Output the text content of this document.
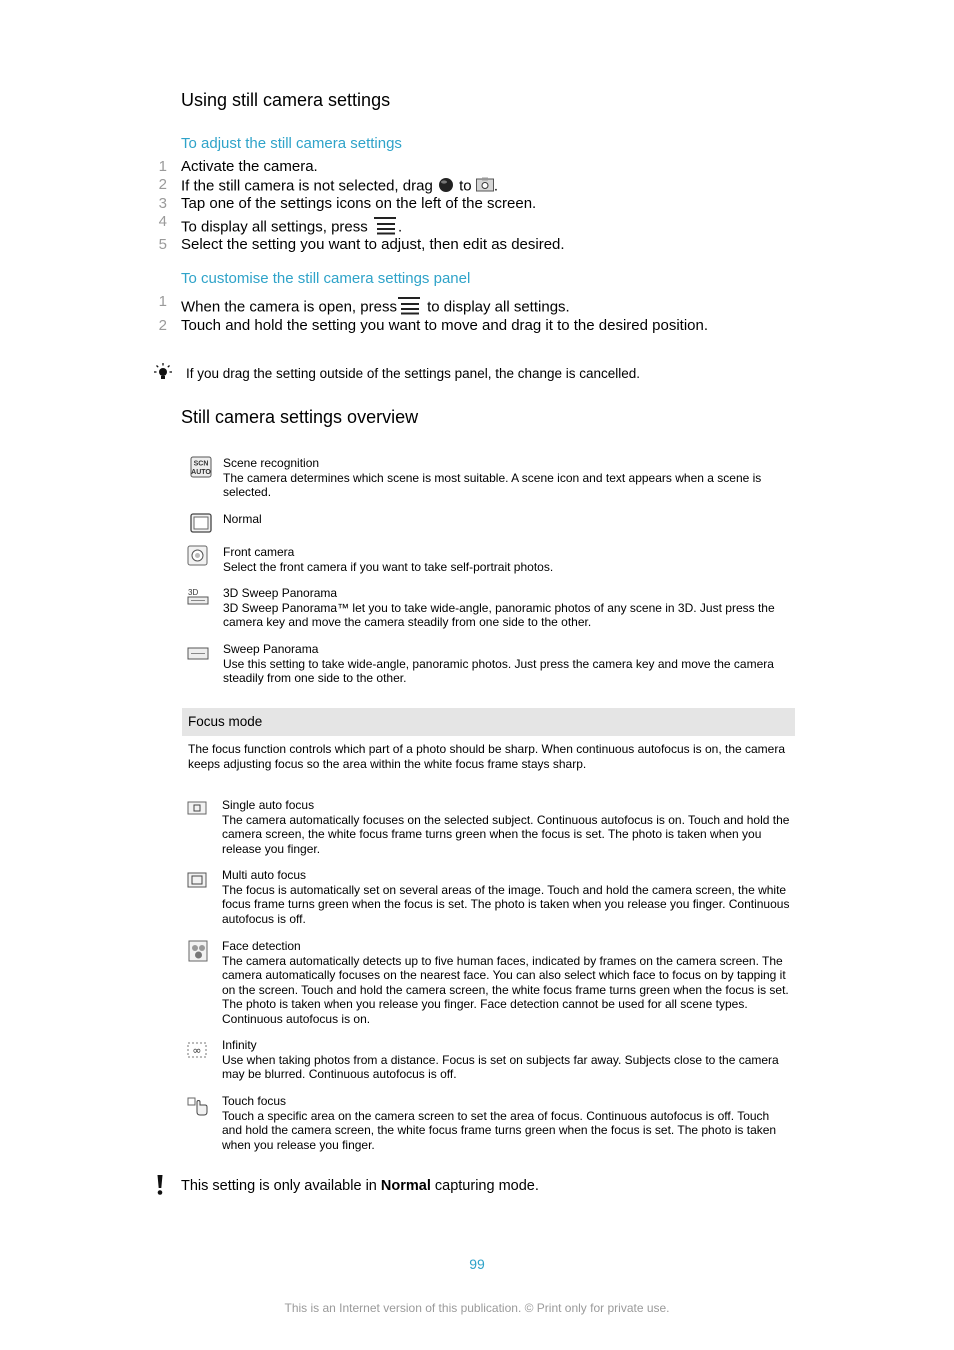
Using still camera settings
To adjust the still camera settings
1 Activate the camera.
2 If the still camera is not selected, drag to .
3 Tap one of the settings icons on the left of the screen.
4 To display all settings, press .
5 Select the setting you want to adjust, then edit as desired.
To customise the still camera settings panel
1 When the camera is open, press to display all settings.
2 Touch and hold the setting you want to move and drag it to the desired position.
If you drag the setting outside of the settings panel, the change is cancelled.
Still camera settings overview
SCN
AUTO
Scene recognition
The camera determines which scene is most suitable. A scene icon and text appears when a scene is selected.
Normal
Front camera
Select the front camera if you want to take self-portrait photos.
3D 3D Sweep Panorama
3D Sweep Panorama™ let you to take wide-angle, panoramic photos of any scene in 3D. Just press the camera key and move the camera steadily from one side to the other.
Sweep Panorama
Use this setting to take wide-angle, panoramic photos. Just press the camera key and move the camera steadily from one side to the other.
Focus mode
The focus function controls which part of a photo should be sharp. When continuous autofocus is on, the camera keeps adjusting focus so the area within the white focus frame stays sharp.
Single auto focus
The camera automatically focuses on the selected subject. Continuous autofocus is on. Touch and hold the camera screen, the white focus frame turns green when the focus is set. The photo is taken when you release you finger.
Multi auto focus
The focus is automatically set on several areas of the image. Touch and hold the camera screen, the white focus frame turns green when the focus is set. The photo is taken when you release you finger. Continuous autofocus is off.
Face detection
The camera automatically detects up to five human faces, indicated by frames on the camera screen. The camera automatically focuses on the nearest face. You can also select which face to focus on by tapping it on the screen. Touch and hold the camera screen, the white focus frame turns green when the focus is set. The photo is taken when you release you finger. Face detection cannot be used for all scene types. Continuous autofocus is on.
∞ Infinity
Use when taking photos from a distance. Focus is set on subjects far away. Subjects close to the camera may be blurred. Continuous autofocus is off.
Touch focus
Touch a specific area on the camera screen to set the area of focus. Continuous autofocus is off. Touch and hold the camera screen, the white focus frame turns green when the focus is set. The photo is taken when you release you finger.
This setting is only available in Normal capturing mode.
99
This is an Internet version of this publication. © Print only for private use.
